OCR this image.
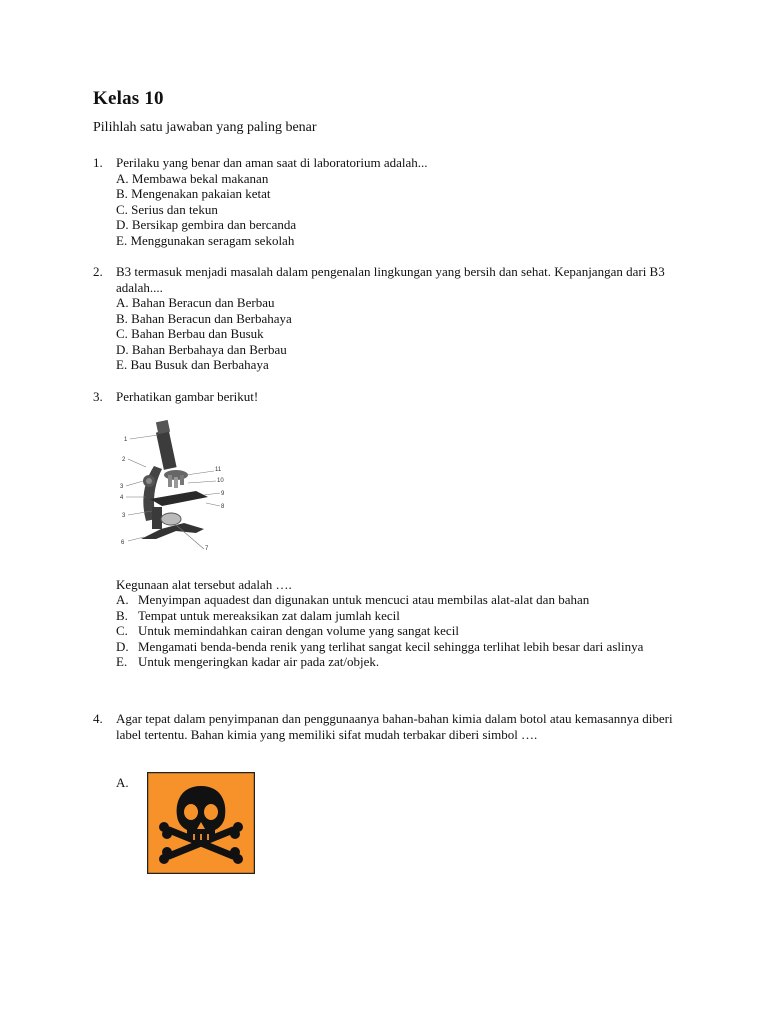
Kelas 10
Pilihlah satu jawaban yang paling benar
1.	Perilaku yang benar dan aman saat di laboratorium adalah...
A. Membawa bekal makanan
B. Mengenakan pakaian ketat
C. Serius dan tekun
D. Bersikap gembira dan bercanda
E. Menggunakan seragam sekolah
2.	B3 termasuk menjadi masalah dalam pengenalan lingkungan yang bersih dan sehat. Kepanjangan dari B3 adalah....
A. Bahan Beracun dan Berbau
B. Bahan Beracun dan Berbahaya
C. Bahan Berbau dan Busuk
D. Bahan Berbahaya dan Berbau
E. Bau Busuk dan Berbahaya
3.	Perhatikan gambar berikut!
1
2
3
4
3
11
10
9
8
6
7
Kegunaan alat tersebut adalah ….
A. Menyimpan aquadest dan digunakan untuk mencuci atau membilas alat-alat dan bahan
B. Tempat untuk mereaksikan zat dalam jumlah kecil
C. Untuk memindahkan cairan dengan volume yang sangat kecil
D. Mengamati benda-benda renik yang terlihat sangat kecil sehingga terlihat lebih besar dari aslinya
E. Untuk mengeringkan kadar air pada zat/objek.
4.	Agar tepat dalam penyimpanan dan penggunaanya bahan-bahan kimia dalam botol atau kemasannya diberi label tertentu. Bahan kimia yang memiliki sifat mudah terbakar diberi simbol ….
A.
